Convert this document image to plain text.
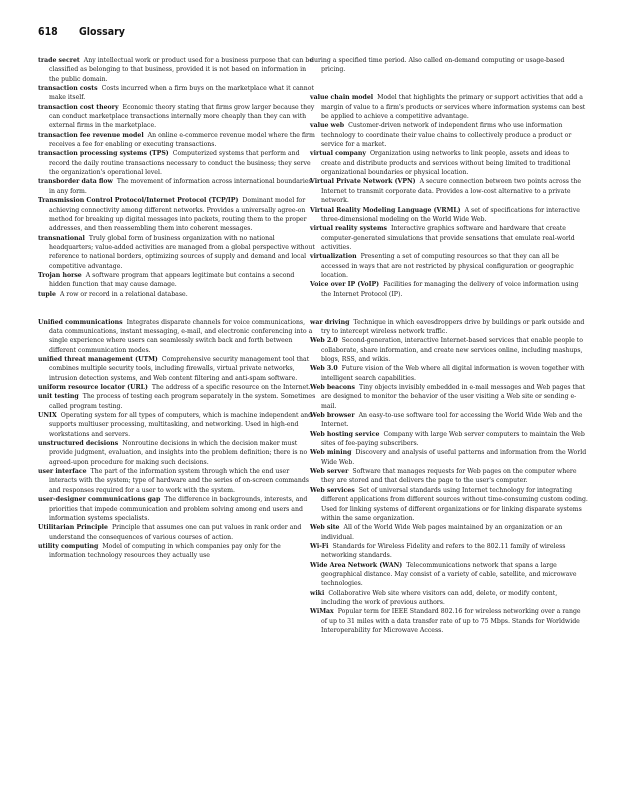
618 Glossary

trade secret Any intellectual work or product used for a business purpose that can be classified as belonging to that business, provided it is not based on information in the public domain.

transaction costs Costs incurred when a firm buys on the marketplace what it cannot make itself.

transaction cost theory Economic theory stating that firms grow larger because they can conduct marketplace transactions internally more cheaply than they can with external firms in the marketplace.

transaction fee revenue model An online e-commerce revenue model where the firm receives a fee for enabling or executing transactions.

transaction processing systems (TPS) Computerized systems that perform and record the daily routine transactions necessary to conduct the business; they serve the organization's operational level.

transborder data flow The movement of information across international boundaries in any form.

Transmission Control Protocol/Internet Protocol (TCP/IP) Dominant model for achieving connectivity among different networks. Provides a universally agree-on method for breaking up digital messages into packets, routing them to the proper addresses, and then reassembling them into coherent messages.

transnational Truly global form of business organization with no national headquarters; value-added activities are managed from a global perspective without reference to national borders, optimizing sources of supply and demand and local competitive advantage.

Trojan horse A software program that appears legitimate but contains a second hidden function that may cause damage.

tuple A row or record in a relational database.

Unified communications Integrates disparate channels for voice communications, data communications, instant messaging, e-mail, and electronic conferencing into a single experience where users can seamlessly switch back and forth between different communication modes.

unified threat management (UTM) Comprehensive security management tool that combines multiple security tools, including firewalls, virtual private networks, intrusion detection systems, and Web content filtering and anti-spam software.

uniform resource locator (URL) The address of a specific resource on the Internet.

unit testing The process of testing each program separately in the system. Sometimes called program testing.

UNIX Operating system for all types of computers, which is machine independent and supports multiuser processing, multitasking, and networking. Used in high-end workstations and servers.

unstructured decisions Nonroutine decisions in which the decision maker must provide judgment, evaluation, and insights into the problem definition; there is no agreed-upon procedure for making such decisions.

user interface The part of the information system through which the end user interacts with the system; type of hardware and the series of on-screen commands and responses required for a user to work with the system.

user-designer communications gap The difference in backgrounds, interests, and priorities that impede communication and problem solving among end users and information systems specialists.

Utilitarian Principle Principle that assumes one can put values in rank order and understand the consequences of various courses of action.

utility computing Model of computing in which companies pay only for the information technology resources they actually use

during a specified time period. Also called on-demand computing or usage-based pricing.

value chain model Model that highlights the primary or support activities that add a margin of value to a firm's products or services where information systems can best be applied to achieve a competitive advantage.

value web Customer-driven network of independent firms who use information technology to coordinate their value chains to collectively produce a product or service for a market.

virtual company Organization using networks to link people, assets and ideas to create and distribute products and services without being limited to traditional organizational boundaries or physical location.

Virtual Private Network (VPN) A secure connection between two points across the Internet to transmit corporate data. Provides a low-cost alternative to a private network.

Virtual Reality Modeling Language (VRML) A set of specifications for interactive three-dimensional modeling on the World Wide Web.

virtual reality systems Interactive graphics software and hardware that create computer-generated simulations that provide sensations that emulate real-world activities.

virtualization Presenting a set of computing resources so that they can all be accessed in ways that are not restricted by physical configuration or geographic location.

Voice over IP (VoIP) Facilities for managing the delivery of voice information using the Internet Protocol (IP).

war driving Technique in which eavesdroppers drive by buildings or park outside and try to intercept wireless network traffic.

Web 2.0 Second-generation, interactive Internet-based services that enable people to collaborate, share information, and create new services online, including mashups, blogs, RSS, and wikis.

Web 3.0 Future vision of the Web where all digital information is woven together with intelligent search capabilities.

Web beacons Tiny objects invisibly embedded in e-mail messages and Web pages that are designed to monitor the behavior of the user visiting a Web site or sending e-mail.

Web browser An easy-to-use software tool for accessing the World Wide Web and the Internet.

Web hosting service Company with large Web server computers to maintain the Web sites of fee-paying subscribers.

Web mining Discovery and analysis of useful patterns and information from the World Wide Web.

Web server Software that manages requests for Web pages on the computer where they are stored and that delivers the page to the user's computer.

Web services Set of universal standards using Internet technology for integrating different applications from different sources without time-consuming custom coding. Used for linking systems of different organizations or for linking disparate systems within the same organization.

Web site All of the World Wide Web pages maintained by an organization or an individual.

Wi-Fi Standards for Wireless Fidelity and refers to the 802.11 family of wireless networking standards.

Wide Area Network (WAN) Telecommunications network that spans a large geographical distance. May consist of a variety of cable, satellite, and microwave technologies.

wiki Collaborative Web site where visitors can add, delete, or modify content, including the work of previous authors.

WiMax Popular term for IEEE Standard 802.16 for wireless networking over a range of up to 31 miles with a data transfer rate of up to 75 Mbps. Stands for Worldwide Interoperability for Microwave Access.
